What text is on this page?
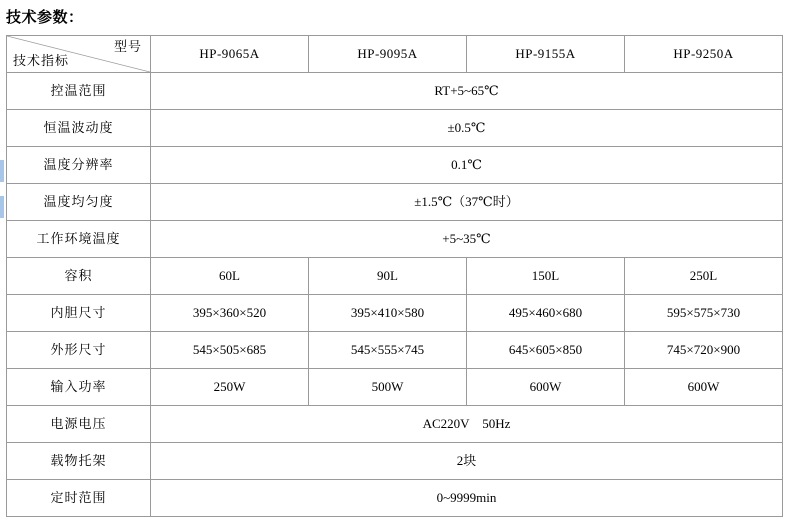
技术参数：
型号
技术指标	HP-9065A	HP-9095A	HP-9155A	HP-9250A
控温范围	RT+5~65℃			
恒温波动度	±0.5℃			
温度分辨率	0.1℃			
温度均匀度	±1.5℃（37℃时）			
工作环境温度	+5~35℃			
容积	60L	90L	150L	250L
内胆尺寸	395×360×520	395×410×580	495×460×680	595×575×730
外形尺寸	545×505×685	545×555×745	645×605×850	745×720×900
输入功率	250W	500W	600W	600W
电源电压	AC220V　50Hz			
载物托架	2块			
定时范围	0~9999min			
